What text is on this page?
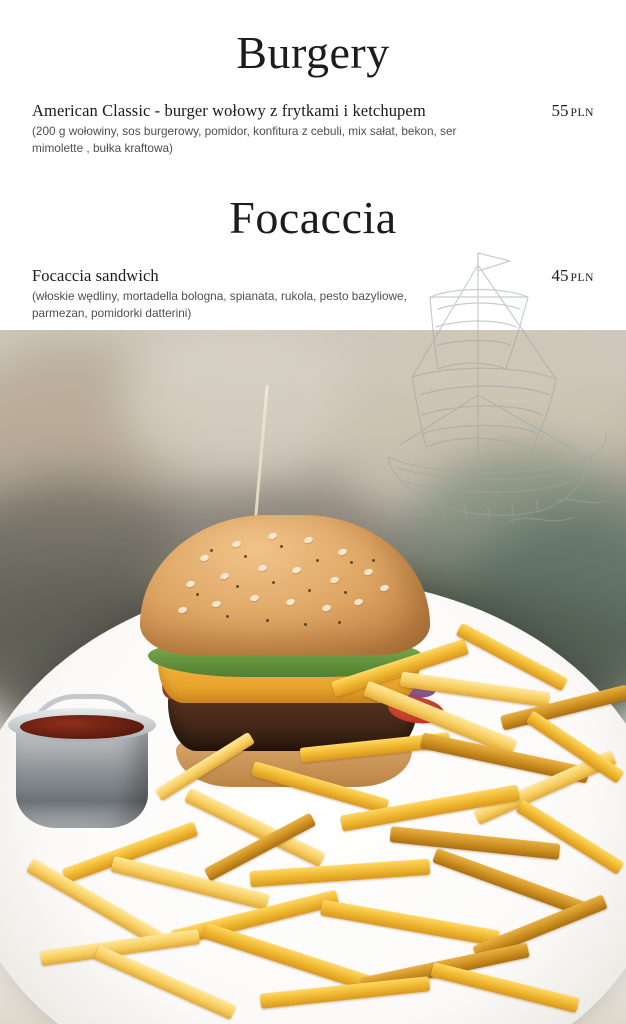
Burgery
American Classic - burger wołowy z frytkami i ketchupem	55 PLN
(200 g wołowiny, sos burgerowy, pomidor, konfitura z cebuli, mix sałat, bekon, ser mimolette , bułka kraftowa)
Focaccia
Focaccia sandwich	45 PLN
(włoskie wędliny, mortadella bologna, spianata, rukola, pesto bazyliowe, parmezan, pomidorki datterini)
